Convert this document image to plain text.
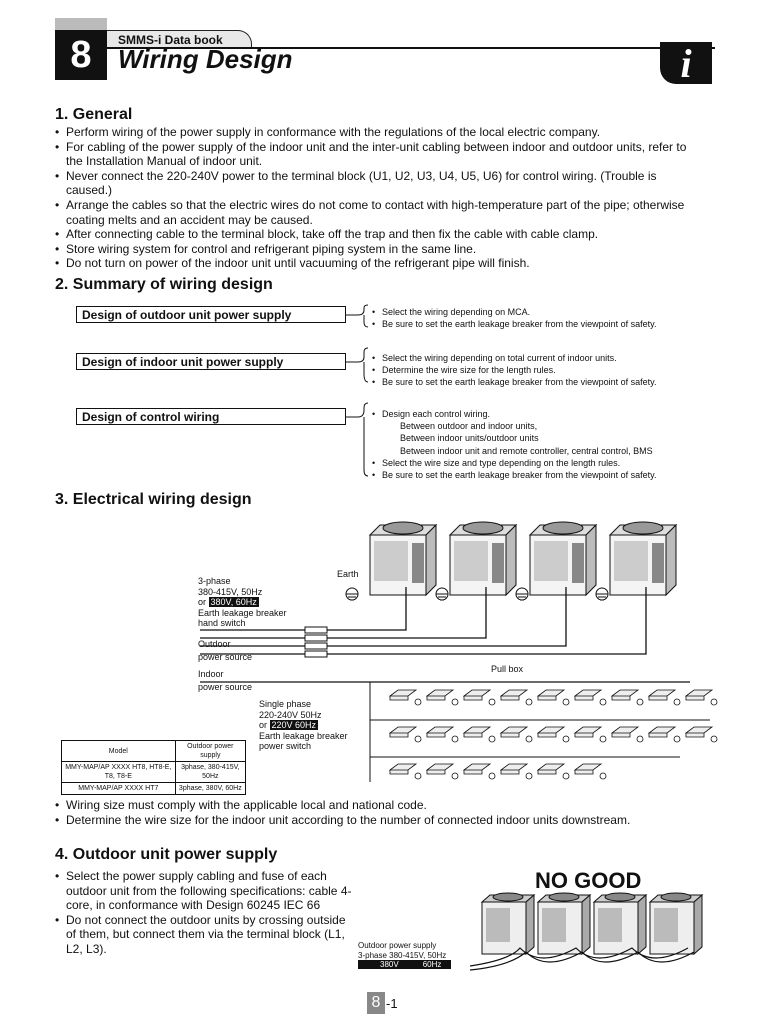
SMMS-i Data book
8	Wiring Design	i
1. General
• Perform wiring of the power supply in conformance with the regulations of the local electric company.
• For cabling of the power supply of the indoor unit and the inter-unit cabling between indoor and outdoor units, refer to the Installation Manual of indoor unit.
• Never connect the 220-240V power to the terminal block (U1, U2, U3, U4, U5, U6) for control wiring. (Trouble is caused.)
• Arrange the cables so that the electric wires do not come to contact with high-temperature part of the pipe; otherwise coating melts and an accident may be caused.
• After connecting cable to the terminal block, take off the trap and then fix the cable with cable clamp.
• Store wiring system for control and refrigerant piping system in the same line.
• Do not turn on power of the indoor unit until vacuuming of the refrigerant pipe will finish.
2. Summary of wiring design
Design of outdoor unit power supply
Design of indoor unit power supply
Design of control wiring
• Select the wiring depending on MCA.
• Be sure to set the earth leakage breaker from the viewpoint of safety.
• Select the wiring depending on total current of indoor units.
• Determine the wire size for the length rules.
• Be sure to set the earth leakage breaker from the viewpoint of safety.
• Design each control wiring.
Between outdoor and indoor units,
Between indoor units/outdoor units
Between indoor unit and remote controller, central control, BMS
• Select the wire size and type depending on the length rules.
• Be sure to set the earth leakage breaker from the viewpoint of safety.
3. Electrical wiring design
Earth
3-phase
380-415V, 50Hz
or 380V, 60Hz
Earth leakage breaker
hand switch
Outdoor
power source
Indoor
power source
Pull box
Single phase
220-240V 50Hz
or 220V 60Hz
Earth leakage breaker
power switch
Model	Outdoor power supply
MMY-MAP/AP XXXX HT8, HT8-E, T8, T8-E	3phase, 380-415V, 50Hz
MMY-MAP/AP XXXX HT7	3phase, 380V, 60Hz
• Wiring size must comply with the applicable local and national code.
• Determine the wire size for the indoor unit according to the number of connected indoor units downstream.
4. Outdoor unit power supply
• Select the power supply cabling and fuse of each outdoor unit from the following specifications: cable 4-core, in conformance with Design 60245 IEC 66
• Do not connect the outdoor units by crossing outside of them, but connect them via the terminal block (L1, L2, L3).
NO GOOD
Outdoor power supply
3-phase 380-415V, 50Hz
380V	60Hz
8 -1
